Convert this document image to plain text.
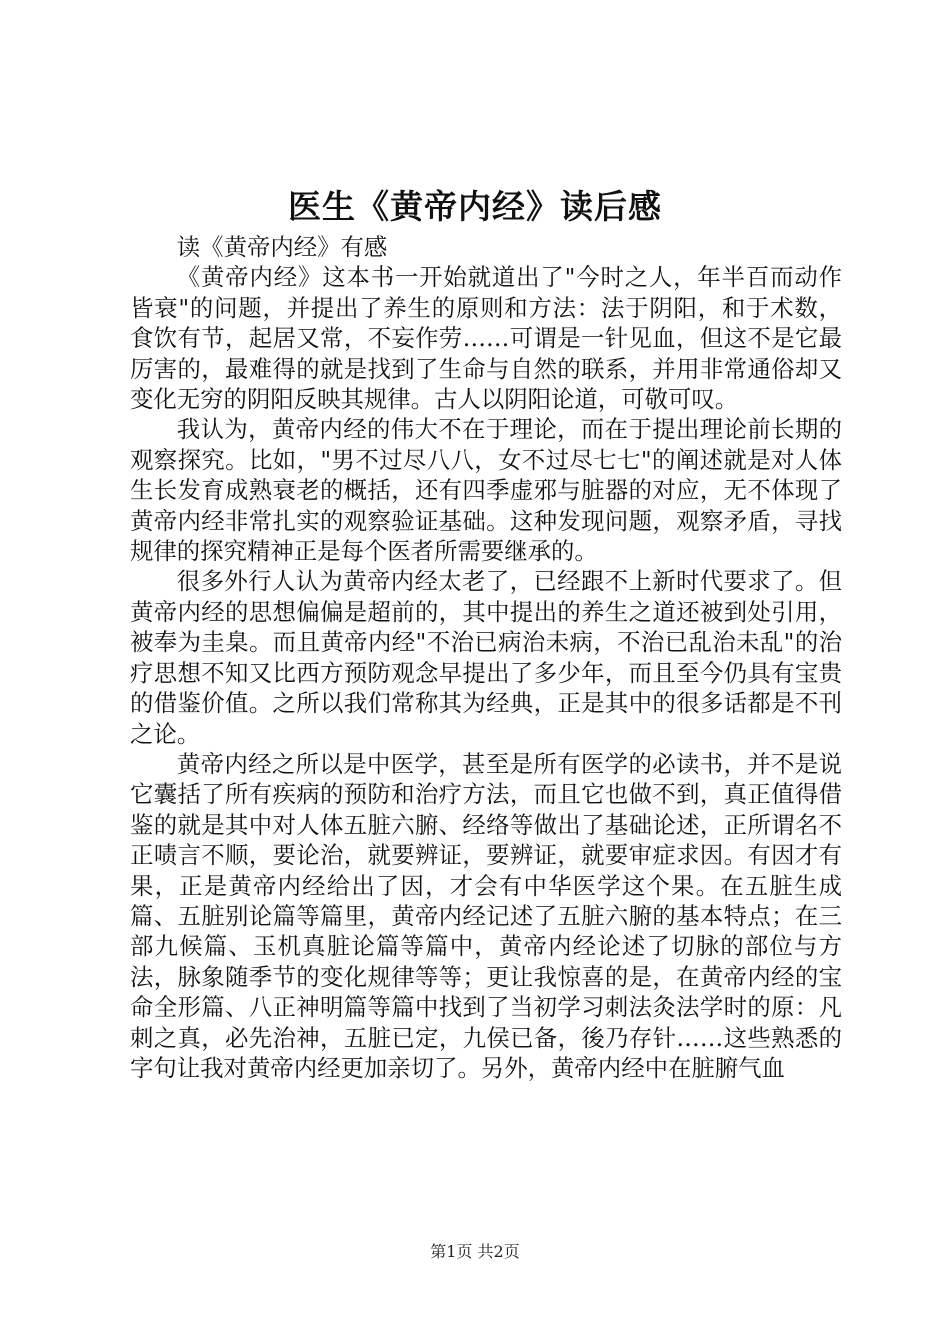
医生《黄帝内经》读后感

读《黄帝内经》有感

《黄帝内经》这本书一开始就道出了"今时之人，年半百而动作皆衰"的问题，并提出了养生的原则和方法：法于阴阳，和于术数，食饮有节，起居又常，不妄作劳……可谓是一针见血，但这不是它最厉害的，最难得的就是找到了生命与自然的联系，并用非常通俗却又变化无穷的阴阳反映其规律。古人以阴阳论道，可敬可叹。

我认为，黄帝内经的伟大不在于理论，而在于提出理论前长期的观察探究。比如，"男不过尽八八，女不过尽七七"的阐述就是对人体生长发育成熟衰老的概括，还有四季虚邪与脏器的对应，无不体现了黄帝内经非常扎实的观察验证基础。这种发现问题，观察矛盾，寻找规律的探究精神正是每个医者所需要继承的。

很多外行人认为黄帝内经太老了，已经跟不上新时代要求了。但黄帝内经的思想偏偏是超前的，其中提出的养生之道还被到处引用，被奉为圭臬。而且黄帝内经"不治已病治未病，不治已乱治未乱"的治疗思想不知又比西方预防观念早提出了多少年，而且至今仍具有宝贵的借鉴价值。之所以我们常称其为经典，正是其中的很多话都是不刊之论。

黄帝内经之所以是中医学，甚至是所有医学的必读书，并不是说它囊括了所有疾病的预防和治疗方法，而且它也做不到，真正值得借鉴的就是其中对人体五脏六腑、经络等做出了基础论述，正所谓名不正啧言不顺，要论治，就要辨证，要辨证，就要审症求因。有因才有果，正是黄帝内经给出了因，才会有中华医学这个果。在五脏生成篇、五脏别论篇等篇里，黄帝内经记述了五脏六腑的基本特点；在三部九候篇、玉机真脏论篇等篇中，黄帝内经论述了切脉的部位与方法，脉象随季节的变化规律等等；更让我惊喜的是，在黄帝内经的宝命全形篇、八正神明篇等篇中找到了当初学习刺法灸法学时的原：凡刺之真，必先治神，五脏已定，九侯已备，後乃存针……这些熟悉的字句让我对黄帝内经更加亲切了。另外，黄帝内经中在脏腑气血

第1页 共2页
